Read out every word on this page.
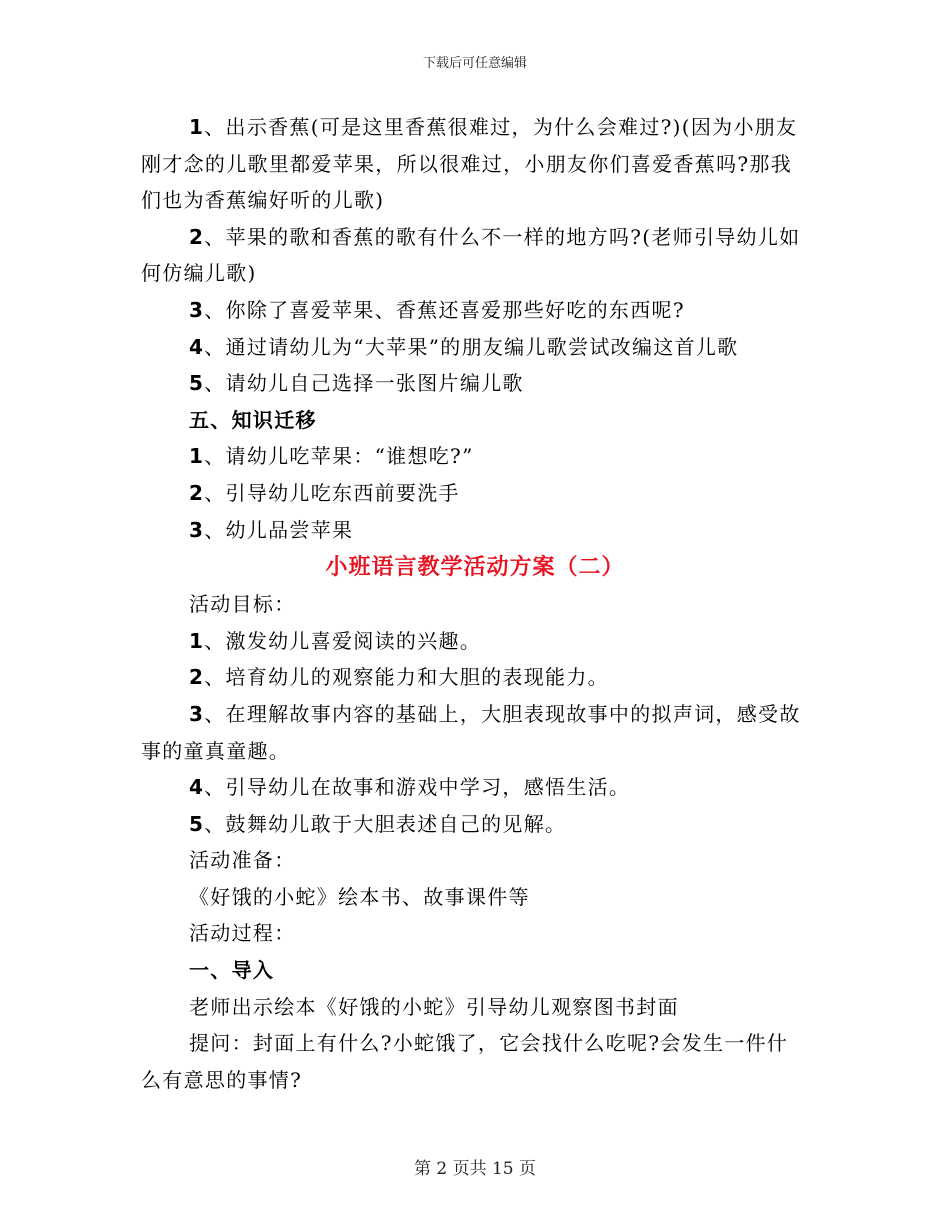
下载后可任意编辑
1、出示香蕉(可是这里香蕉很难过，为什么会难过?)(因为小朋友刚才念的儿歌里都爱苹果，所以很难过，小朋友你们喜爱香蕉吗?那我们也为香蕉编好听的儿歌)
2、苹果的歌和香蕉的歌有什么不一样的地方吗?(老师引导幼儿如何仿编儿歌)
3、你除了喜爱苹果、香蕉还喜爱那些好吃的东西呢?
4、通过请幼儿为“大苹果”的朋友编儿歌尝试改编这首儿歌
5、请幼儿自己选择一张图片编儿歌
五、知识迁移
1、请幼儿吃苹果：“谁想吃?”
2、引导幼儿吃东西前要洗手
3、幼儿品尝苹果
小班语言教学活动方案（二）
活动目标：
1、激发幼儿喜爱阅读的兴趣。
2、培育幼儿的观察能力和大胆的表现能力。
3、在理解故事内容的基础上，大胆表现故事中的拟声词，感受故事的童真童趣。
4、引导幼儿在故事和游戏中学习，感悟生活。
5、鼓舞幼儿敢于大胆表述自己的见解。
活动准备：
《好饿的小蛇》绘本书、故事课件等
活动过程：
一、导入
老师出示绘本《好饿的小蛇》引导幼儿观察图书封面
提问：封面上有什么?小蛇饿了，它会找什么吃呢?会发生一件什么有意思的事情?
第 2 页共 15 页
